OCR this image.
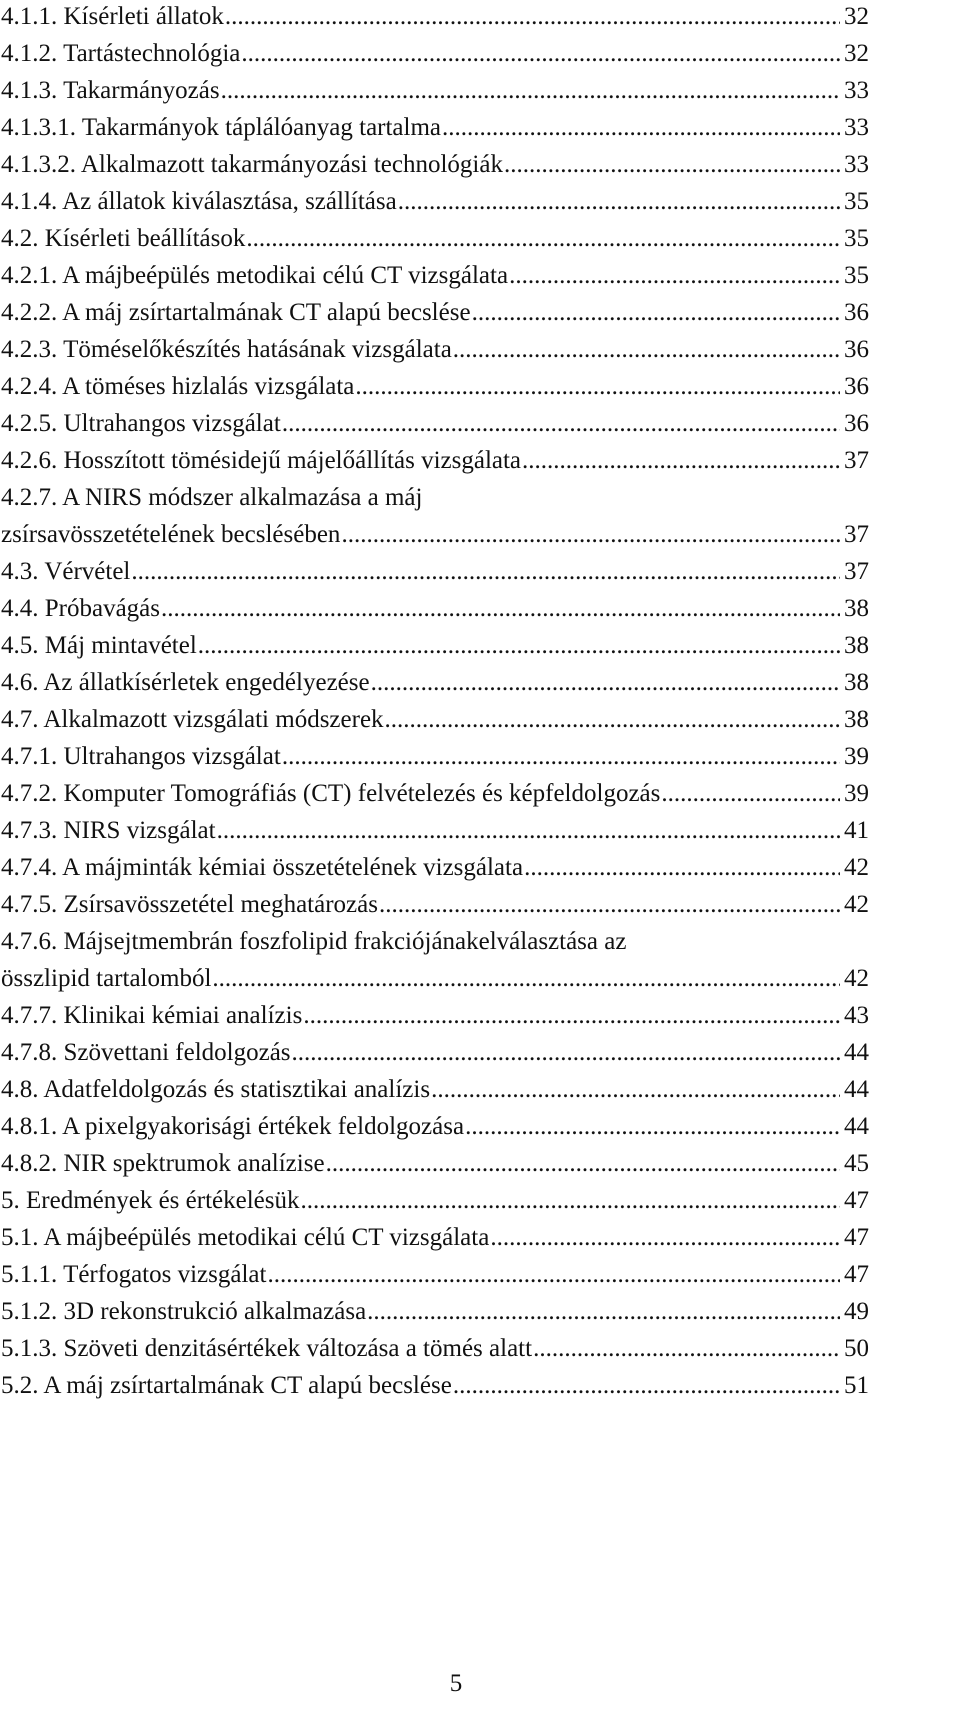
4.1.1. Kísérleti állatok .....	32
4.1.2. Tartástechnológia .....	32
4.1.3. Takarmányozás .....	33
4.1.3.1. Takarmányok táplálóanyag tartalma .....	33
4.1.3.2. Alkalmazott takarmányozási technológiák .....	33
4.1.4. Az állatok kiválasztása, szállítása .....	35
4.2. Kísérleti beállítások .....	35
4.2.1. A májbeépülés metodikai célú CT vizsgálata .....	35
4.2.2. A máj zsírtartalmának CT alapú becslése .....	36
4.2.3. Töméselőkészítés hatásának vizsgálata .....	36
4.2.4. A töméses hizlalás vizsgálata .....	36
4.2.5. Ultrahangos vizsgálat .....	36
4.2.6. Hosszított tömésidejű májelőállítás vizsgálata .....	37
4.2.7. A NIRS módszer alkalmazása a máj
zsírsavösszetételének becslésében .....	37
4.3. Vérvétel .....	37
4.4. Próbavágás .....	38
4.5. Máj mintavétel .....	38
4.6. Az állatkísérletek engedélyezése .....	38
4.7. Alkalmazott vizsgálati módszerek .....	38
4.7.1. Ultrahangos vizsgálat .....	39
4.7.2. Komputer Tomográfiás (CT) felvételezés és képfeldolgozás .....	39
4.7.3. NIRS vizsgálat .....	41
4.7.4. A májminták kémiai összetételének vizsgálata .....	42
4.7.5. Zsírsavösszetétel meghatározás .....	42
4.7.6. Májsejtmembrán foszfolipid frakciójánakelválasztása az
összlipid tartalomból .....	42
4.7.7. Klinikai kémiai analízis .....	43
4.7.8. Szövettani feldolgozás .....	44
4.8. Adatfeldolgozás és statisztikai analízis .....	44
4.8.1. A pixelgyakorisági értékek feldolgozása .....	44
4.8.2. NIR spektrumok analízise .....	45
5. Eredmények és értékelésük .....	47
5.1. A májbeépülés metodikai célú CT vizsgálata .....	47
5.1.1. Térfogatos vizsgálat .....	47
5.1.2. 3D rekonstrukció alkalmazása .....	49
5.1.3. Szöveti denzitásértékek változása a tömés alatt .....	50
5.2. A máj zsírtartalmának CT alapú becslése .....	51
5
